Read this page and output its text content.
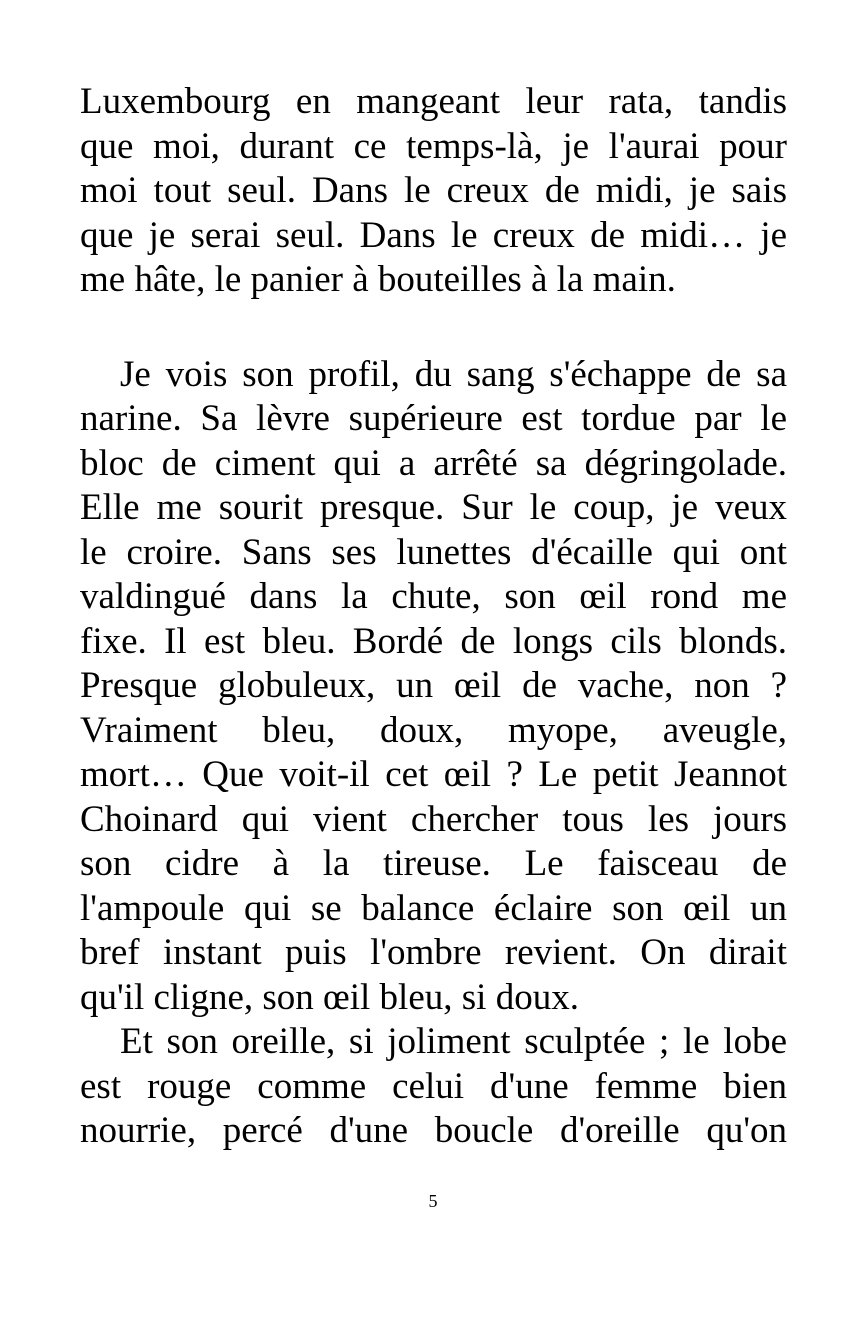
Luxembourg en mangeant leur rata, tandis
que moi, durant ce temps-là, je l'aurai pour
moi tout seul. Dans le creux de midi, je sais
que je serai seul. Dans le creux de midi… je
me hâte, le panier à bouteilles à la main.
Je vois son profil, du sang s'échappe de sa
narine. Sa lèvre supérieure est tordue par le
bloc de ciment qui a arrêté sa dégringolade.
Elle me sourit presque. Sur le coup, je veux
le croire. Sans ses lunettes d'écaille qui ont
valdingué dans la chute, son œil rond me
fixe. Il est bleu. Bordé de longs cils blonds.
Presque globuleux, un œil de vache, non ?
Vraiment bleu, doux, myope, aveugle,
mort… Que voit-il cet œil ? Le petit Jeannot
Choinard qui vient chercher tous les jours
son cidre à la tireuse. Le faisceau de
l'ampoule qui se balance éclaire son œil un
bref instant puis l'ombre revient. On dirait
qu'il cligne, son œil bleu, si doux.
Et son oreille, si joliment sculptée ; le lobe
est rouge comme celui d'une femme bien
nourrie, percé d'une boucle d'oreille qu'on
5
